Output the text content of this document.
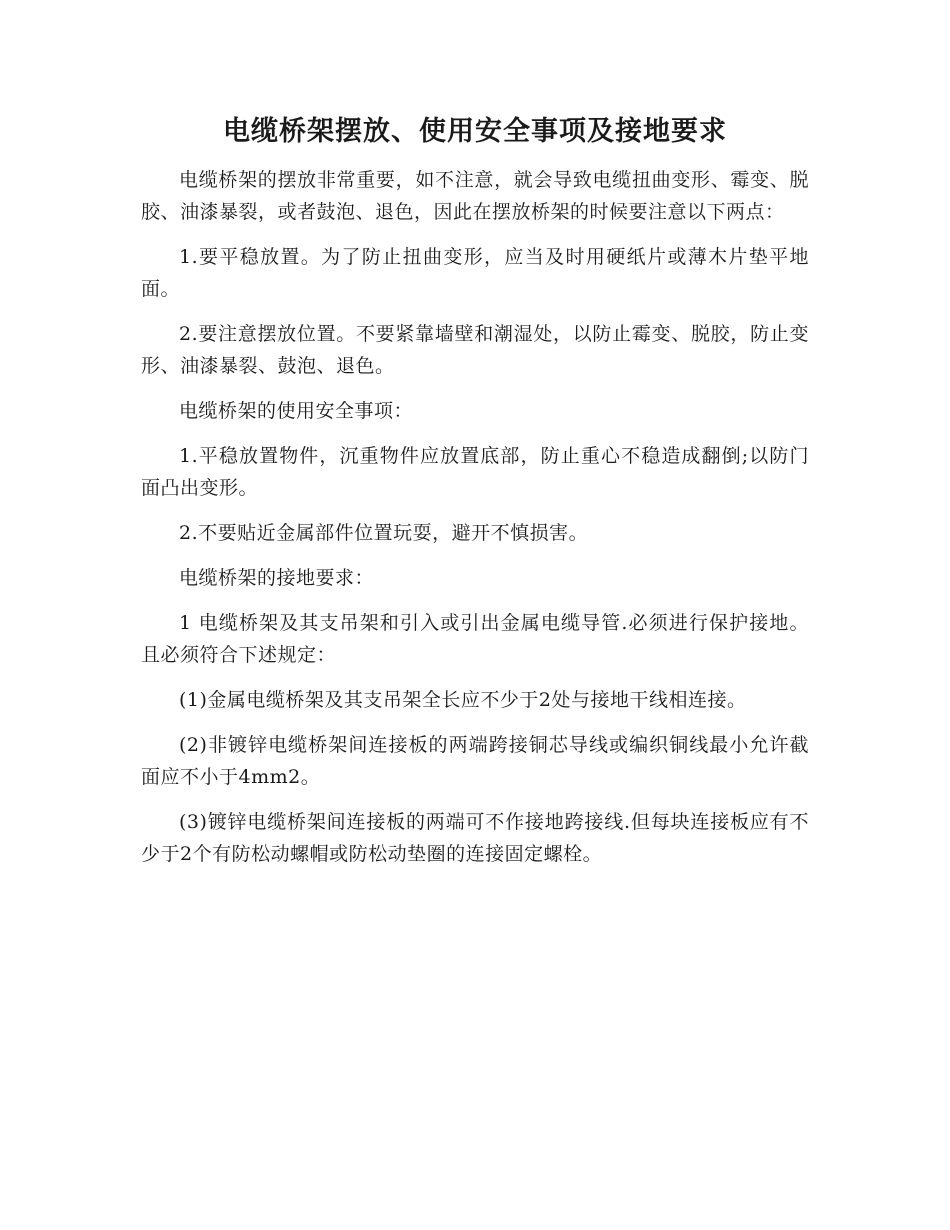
电缆桥架摆放、使用安全事项及接地要求

电缆桥架的摆放非常重要，如不注意，就会导致电缆扭曲变形、霉变、脱胶、油漆暴裂，或者鼓泡、退色，因此在摆放桥架的时候要注意以下两点：

1.要平稳放置。为了防止扭曲变形，应当及时用硬纸片或薄木片垫平地面。

2.要注意摆放位置。不要紧靠墙壁和潮湿处，以防止霉变、脱胶，防止变形、油漆暴裂、鼓泡、退色。

电缆桥架的使用安全事项：

1.平稳放置物件，沉重物件应放置底部，防止重心不稳造成翻倒;以防门面凸出变形。

2.不要贴近金属部件位置玩耍，避开不慎损害。

电缆桥架的接地要求：

1 电缆桥架及其支吊架和引入或引出金属电缆导管.必须进行保护接地。且必须符合下述规定：

(1)金属电缆桥架及其支吊架全长应不少于2处与接地干线相连接。

(2)非镀锌电缆桥架间连接板的两端跨接铜芯导线或编织铜线最小允许截面应不小于4mm2。

(3)镀锌电缆桥架间连接板的两端可不作接地跨接线.但每块连接板应有不少于2个有防松动螺帽或防松动垫圈的连接固定螺栓。
